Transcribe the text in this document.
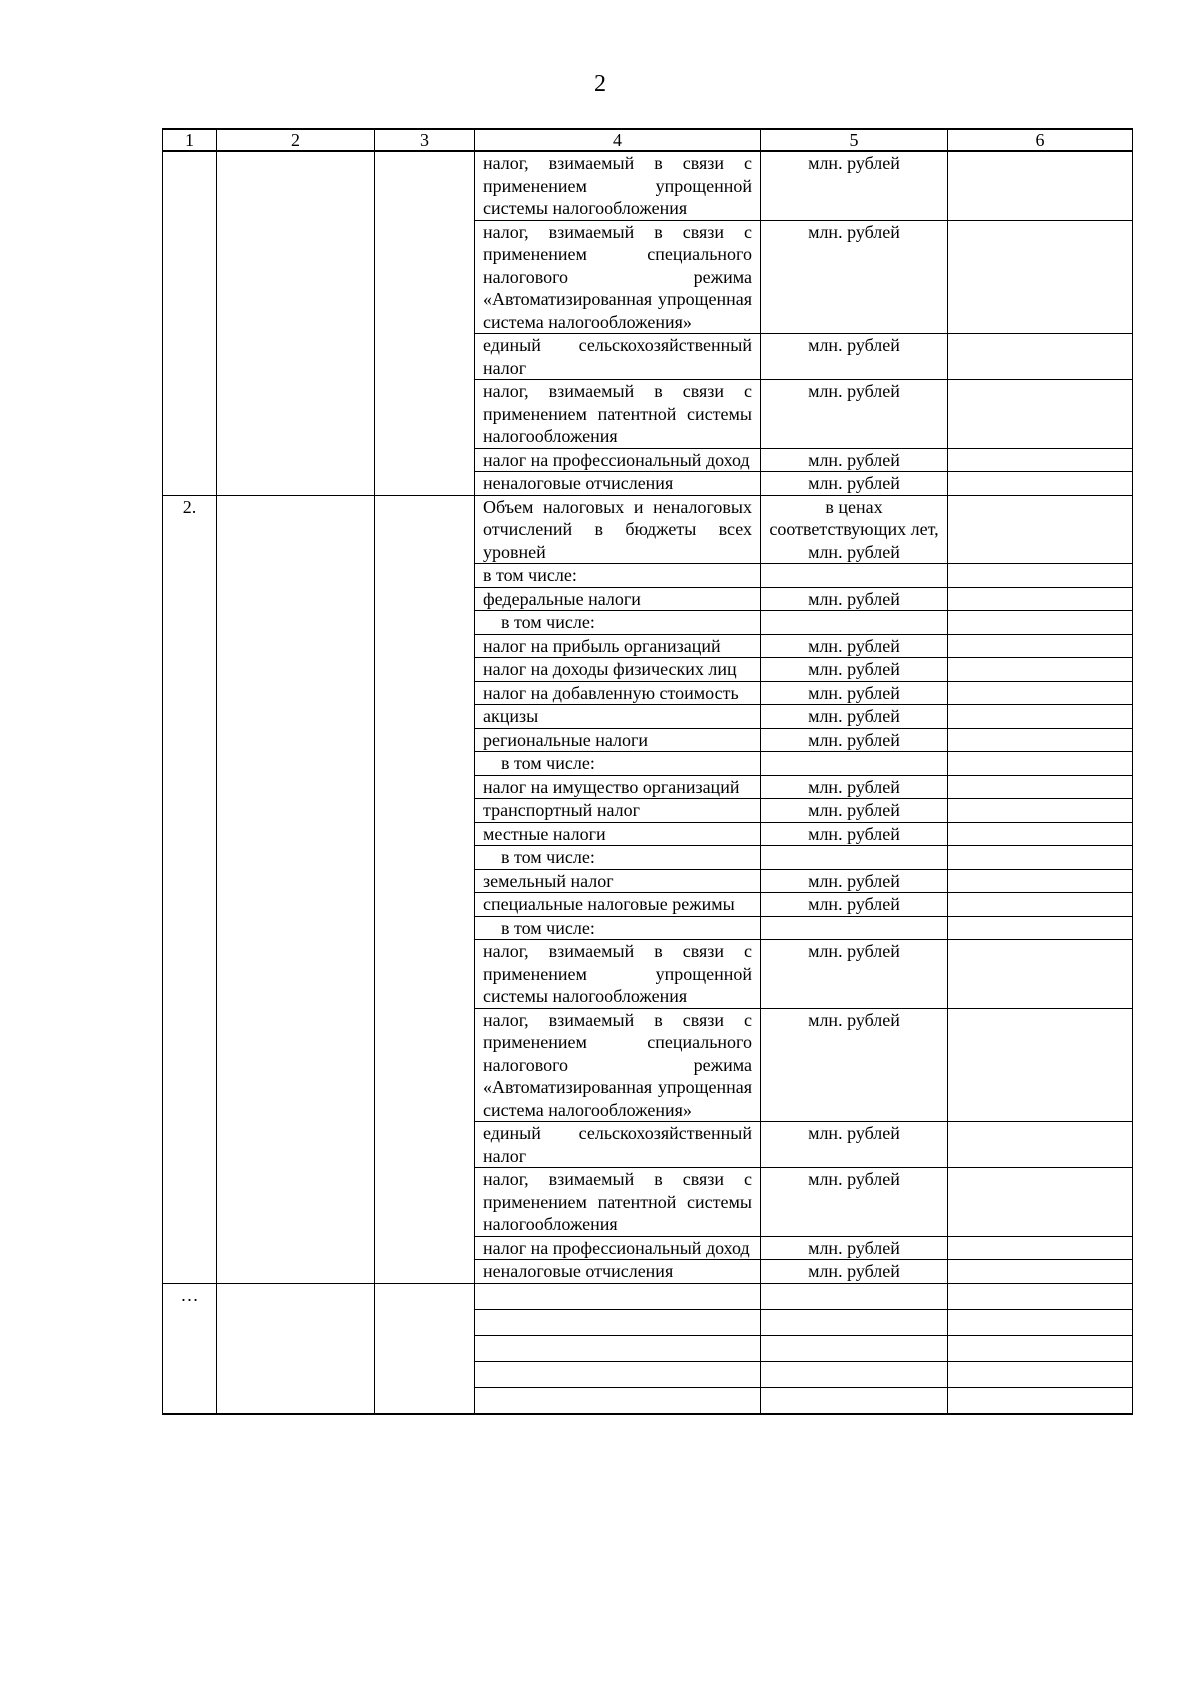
2
1	2	3	4	5	6
			налог, взимаемый в связи с применением упрощенной системы налогообложения	млн. рублей	
			налог, взимаемый в связи с применением специального налогового режима «Автоматизированная упрощенная система налогообложения»	млн. рублей	
			единый сельскохозяйственный налог	млн. рублей	
			налог, взимаемый в связи с применением патентной системы налогообложения	млн. рублей	
			налог на профессиональный доход	млн. рублей	
			неналоговые отчисления	млн. рублей	
2.			Объем налоговых и неналоговых отчислений в бюджеты всех уровней	в ценах соответствующих лет, млн. рублей	
			в том числе:		
			федеральные налоги	млн. рублей	
			в том числе:		
			налог на прибыль организаций	млн. рублей	
			налог на доходы физических лиц	млн. рублей	
			налог на добавленную стоимость	млн. рублей	
			акцизы	млн. рублей	
			региональные налоги	млн. рублей	
			в том числе:		
			налог на имущество организаций	млн. рублей	
			транспортный налог	млн. рублей	
			местные налоги	млн. рублей	
			в том числе:		
			земельный налог	млн. рублей	
			специальные налоговые режимы	млн. рублей	
			в том числе:		
			налог, взимаемый в связи с применением упрощенной системы налогообложения	млн. рублей	
			налог, взимаемый в связи с применением специального налогового режима «Автоматизированная упрощенная система налогообложения»	млн. рублей	
			единый сельскохозяйственный налог	млн. рублей	
			налог, взимаемый в связи с применением патентной системы налогообложения	млн. рублей	
			налог на профессиональный доход	млн. рублей	
			неналоговые отчисления	млн. рублей	
…					
